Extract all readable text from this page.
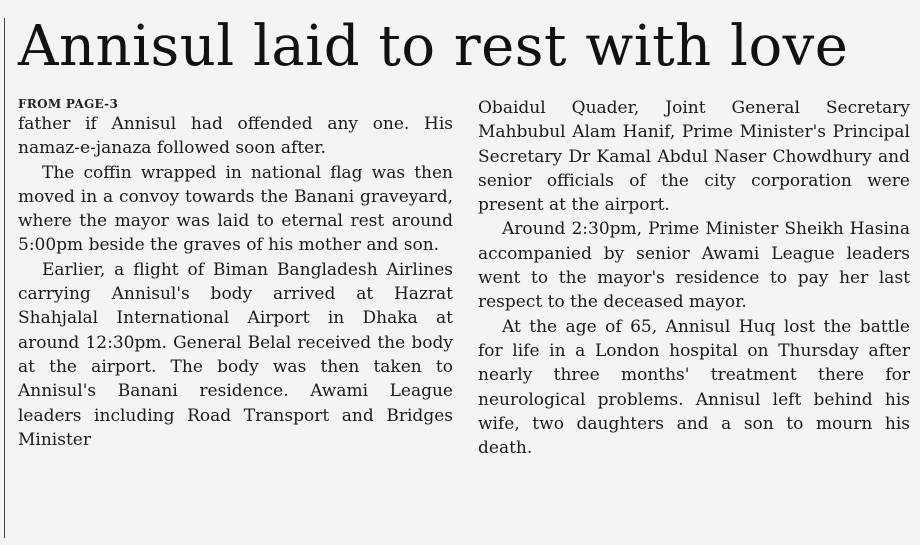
Annisul laid to rest with love

FROM PAGE-3

father if Annisul had offended any one. His namaz-e-janaza followed soon after.

The coffin wrapped in national flag was then moved in a convoy towards the Banani graveyard, where the mayor was laid to eternal rest around 5:00pm beside the graves of his mother and son.

Earlier, a flight of Biman Bangladesh Airlines carrying Annisul's body arrived at Hazrat Shahjalal International Airport in Dhaka at around 12:30pm. General Belal received the body at the airport. The body was then taken to Annisul's Banani residence. Awami League leaders including Road Transport and Bridges Minister

Obaidul Quader, Joint General Secretary Mahbubul Alam Hanif, Prime Minister's Principal Secretary Dr Kamal Abdul Naser Chowdhury and senior officials of the city corporation were present at the airport.

Around 2:30pm, Prime Minister Sheikh Hasina accompanied by senior Awami League leaders went to the mayor's residence to pay her last respect to the deceased mayor.

At the age of 65, Annisul Huq lost the battle for life in a London hospital on Thursday after nearly three months' treatment there for neurological problems. Annisul left behind his wife, two daughters and a son to mourn his death.
